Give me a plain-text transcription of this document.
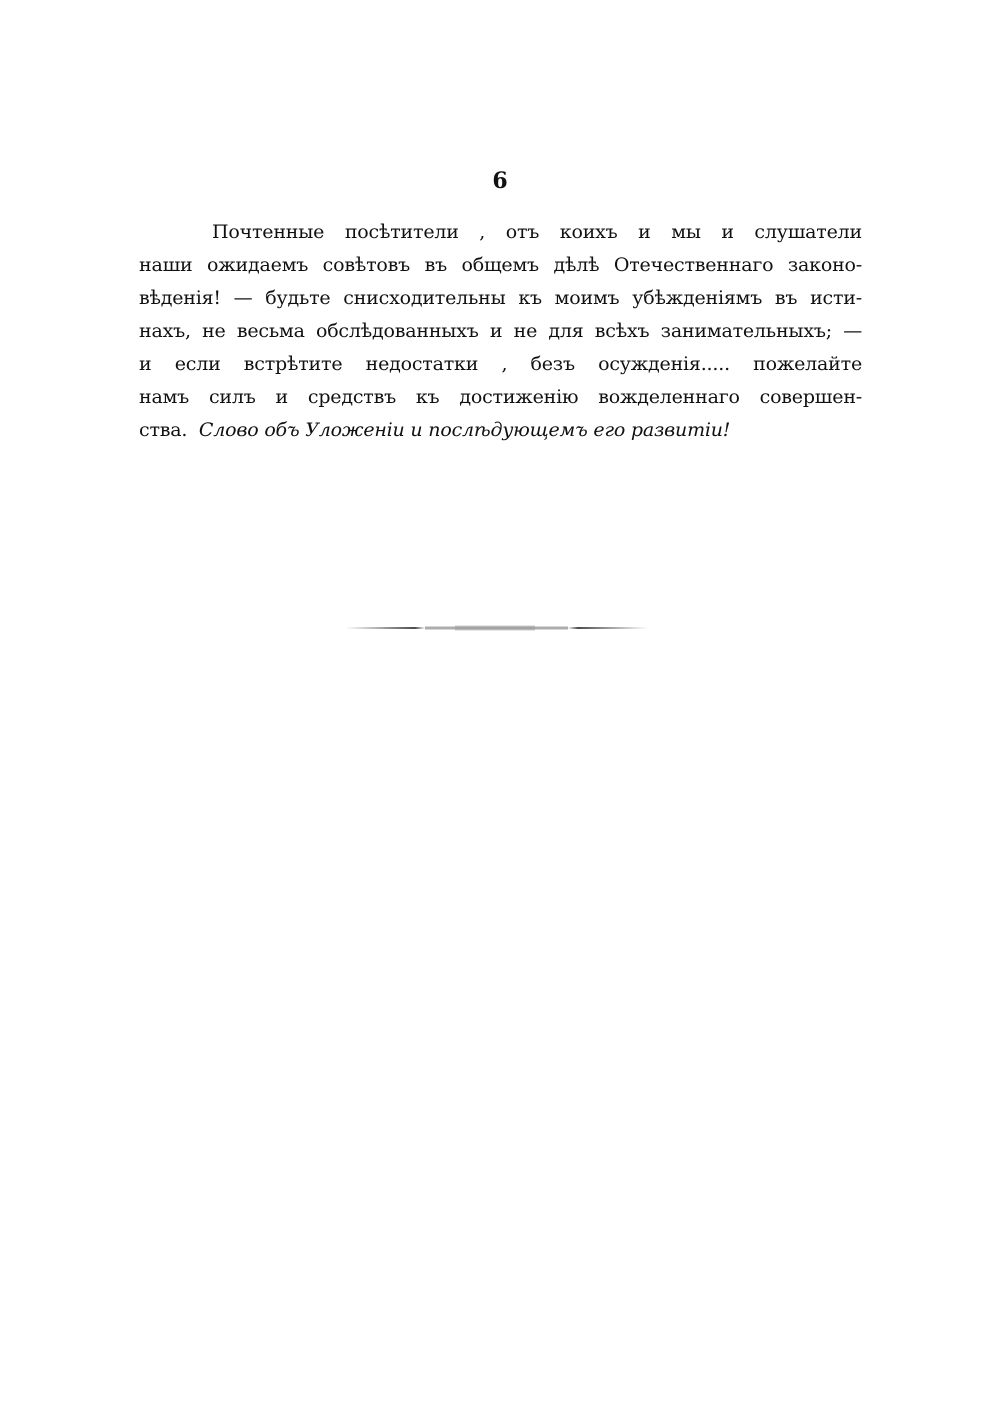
6
Почтенные посѣтители , отъ коихъ и мы и слушатели
наши ожидаемъ совѣтовъ въ общемъ дѣлѣ Отечественнаго законо-
вѣденія! — будьте снисходительны къ моимъ убѣжденіямъ въ исти-
нахъ, не весьма обслѣдованныхъ и не для всѣхъ занимательныхъ; —
и если встрѣтите недостатки , безъ осужденія..... пожелайте
намъ силъ и средствъ къ достиженію вожделеннаго совершен-
ства. Слово объ Уложеніи и послѣдующемъ его развитіи!
